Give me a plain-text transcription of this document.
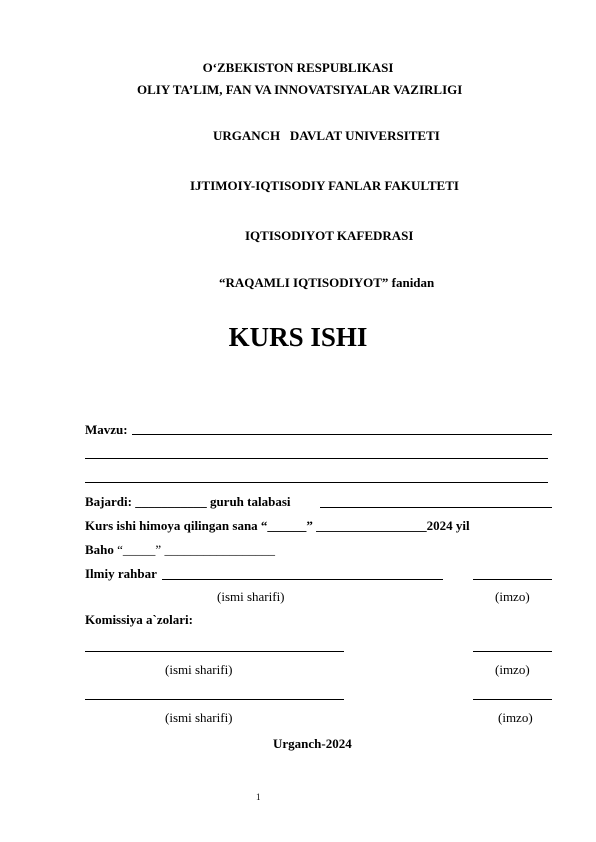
O‘ZBEKISTON RESPUBLIKASI
OLIY TA’LIM, FAN VA INNOVATSIYALAR VAZIRLIGI
URGANCH   DAVLAT UNIVERSITETI
IJTIMOIY-IQTISODIY FANLAR FAKULTETI
IQTISODIYOT KAFEDRASI
“RAQAMLI IQTISODIYOT” fanidan
KURS ISHI
Mavzu:
Bajardi: ___________ guruh talabasi
Kurs ishi himoya qilingan sana “______” _________________2024 yil
Baho “_____” _________________
Ilmiy rahbar
(ismi sharifi)	(imzo)
Komissiya a`zolari:
(ismi sharifi)	(imzo)
(ismi sharifi)	(imzo)
Urganch-2024
1
